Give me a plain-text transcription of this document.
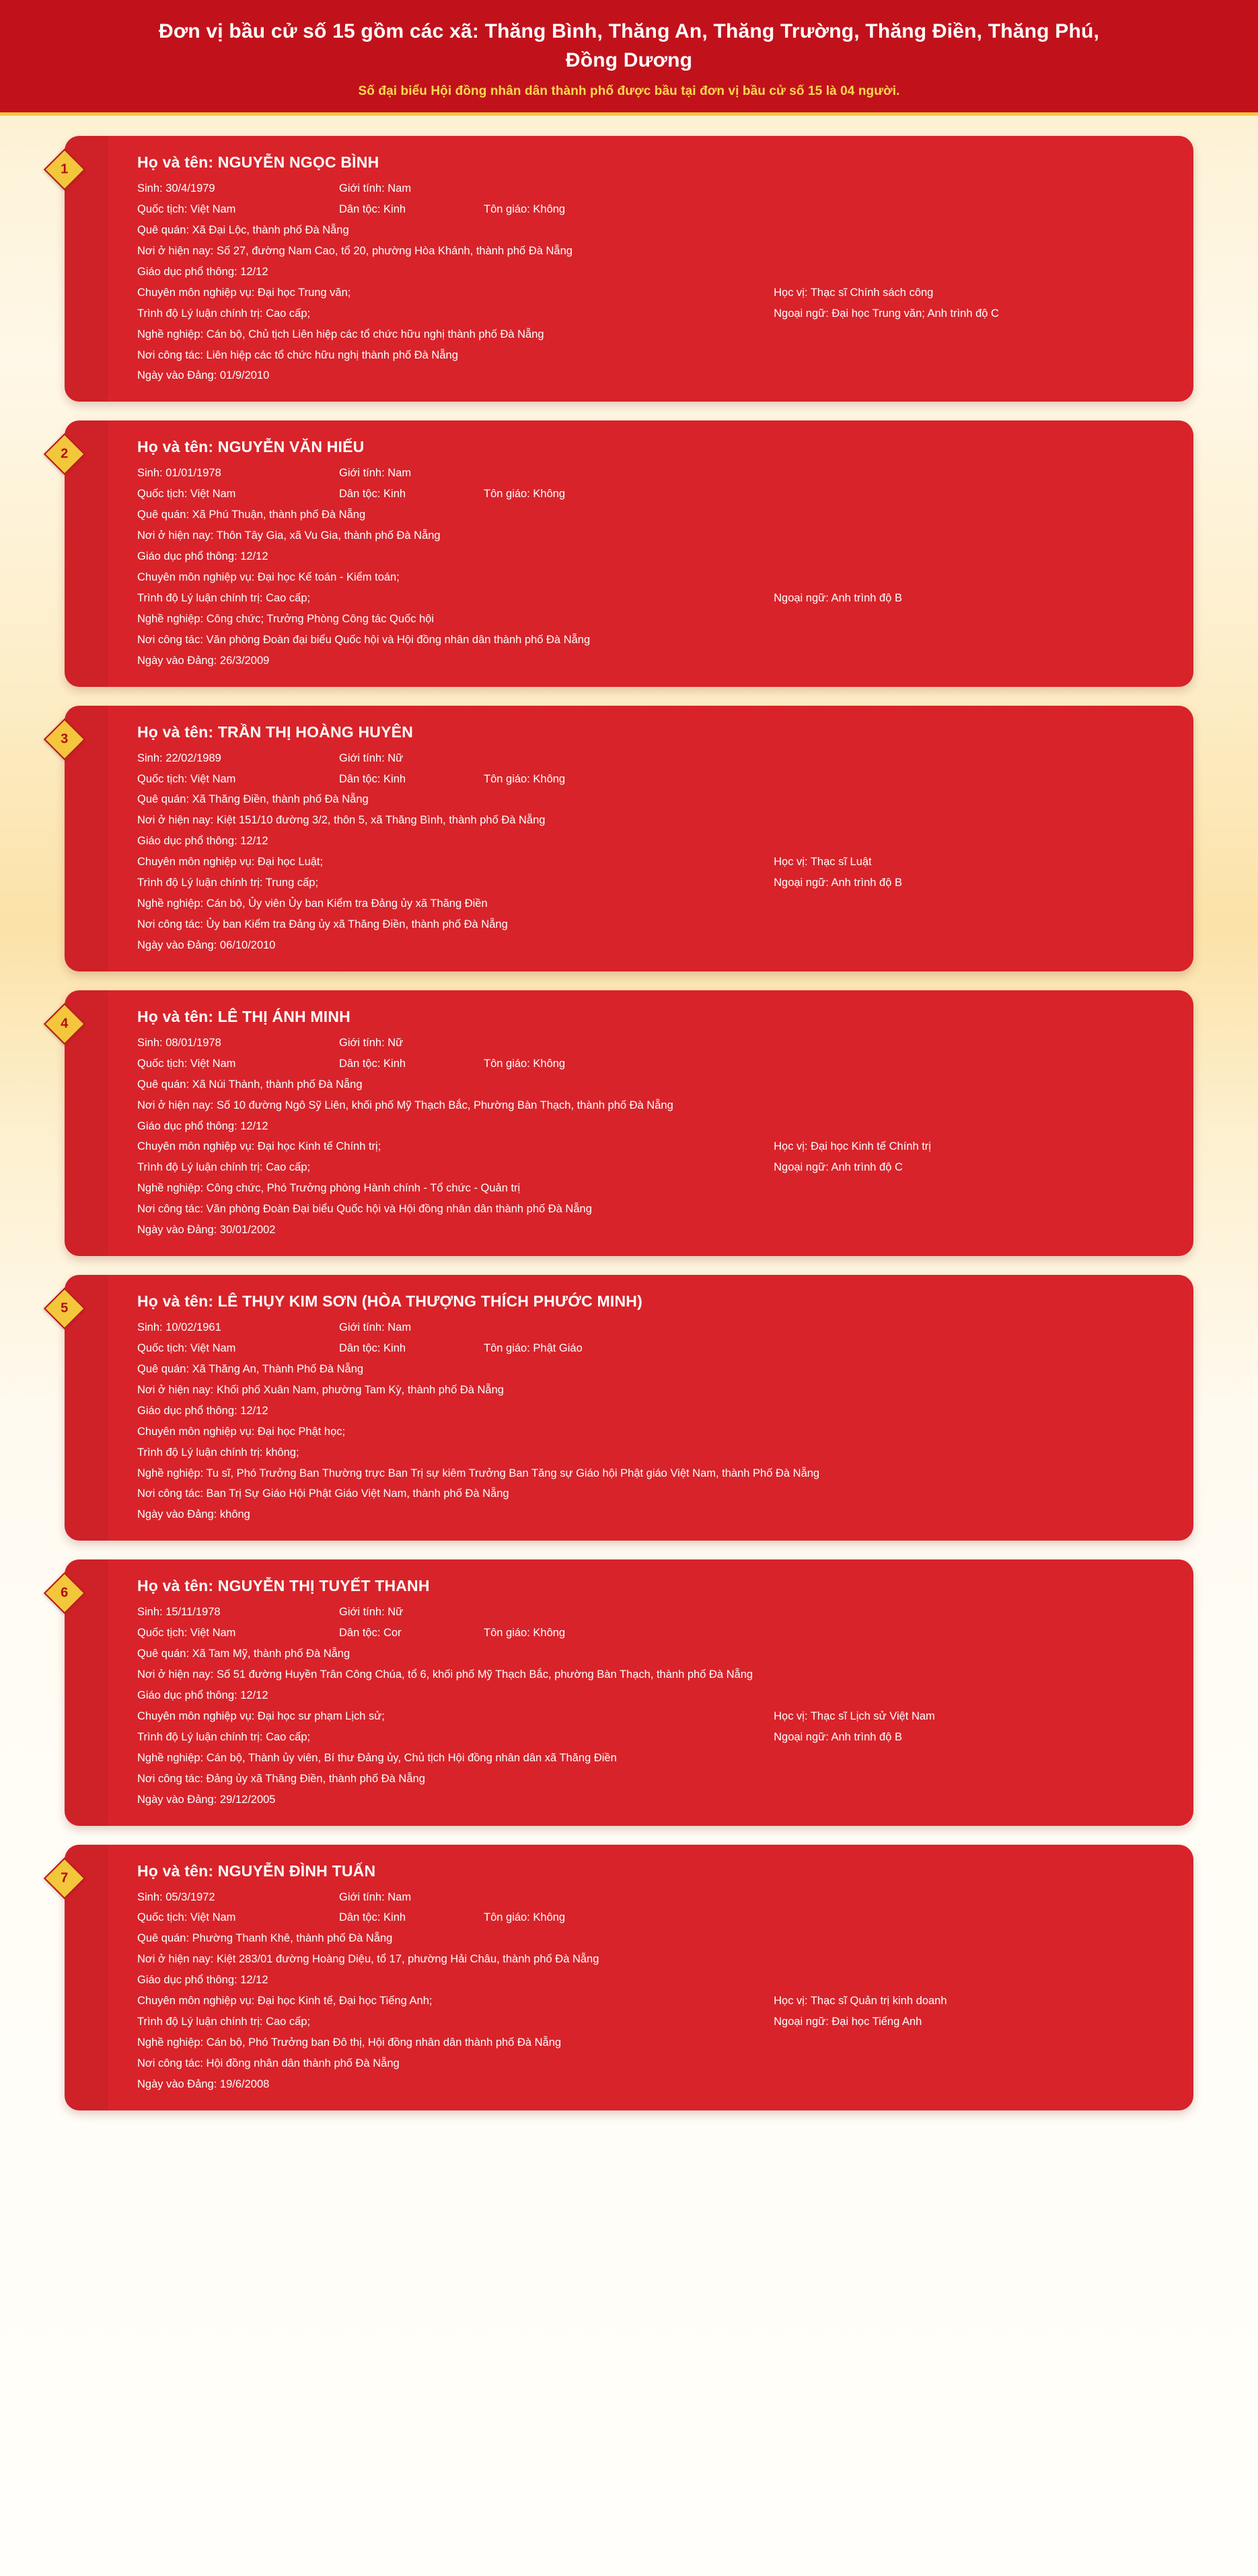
Đơn vị bầu cử số 15 gồm các xã: Thăng Bình, Thăng An, Thăng Trường, Thăng Điền, Thăng Phú, Đồng Dương
Số đại biểu Hội đồng nhân dân thành phố được bầu tại đơn vị bầu cử số 15 là 04 người.
1	Họ và tên: NGUYỄN NGỌC BÌNH
Sinh: 30/4/1979	Giới tính: Nam
Quốc tịch: Việt Nam	Dân tộc: Kinh	Tôn giáo: Không
Quê quán: Xã Đại Lộc, thành phố Đà Nẵng
Nơi ở hiện nay: Số 27, đường Nam Cao, tổ 20, phường Hòa Khánh, thành phố Đà Nẵng
Giáo dục phổ thông: 12/12
Chuyên môn nghiệp vụ: Đại học Trung văn;	Học vị: Thạc sĩ Chính sách công
Trình độ Lý luận chính trị: Cao cấp;	Ngoại ngữ: Đại học Trung văn; Anh trình độ C
Nghề nghiệp: Cán bộ, Chủ tịch Liên hiệp các tổ chức hữu nghị thành phố Đà Nẵng
Nơi công tác: Liên hiệp các tổ chức hữu nghị thành phố Đà Nẵng
Ngày vào Đảng: 01/9/2010
2	Họ và tên: NGUYỄN VĂN HIẾU
Sinh: 01/01/1978	Giới tính: Nam
Quốc tịch: Việt Nam	Dân tộc: Kinh	Tôn giáo: Không
Quê quán: Xã Phú Thuận, thành phố Đà Nẵng
Nơi ở hiện nay: Thôn Tây Gia, xã Vu Gia, thành phố Đà Nẵng
Giáo dục phổ thông: 12/12
Chuyên môn nghiệp vụ: Đại học Kế toán - Kiểm toán;
Trình độ Lý luận chính trị: Cao cấp;	Ngoại ngữ: Anh trình độ B
Nghề nghiệp: Công chức; Trưởng Phòng Công tác Quốc hội
Nơi công tác: Văn phòng Đoàn đại biểu Quốc hội và Hội đồng nhân dân thành phố Đà Nẵng
Ngày vào Đảng: 26/3/2009
3	Họ và tên: TRẦN THỊ HOÀNG HUYÊN
Sinh: 22/02/1989	Giới tính: Nữ
Quốc tịch: Việt Nam	Dân tộc: Kinh	Tôn giáo: Không
Quê quán: Xã Thăng Điền, thành phố Đà Nẵng
Nơi ở hiện nay: Kiệt 151/10 đường 3/2, thôn 5, xã Thăng Bình, thành phố Đà Nẵng
Giáo dục phổ thông: 12/12
Chuyên môn nghiệp vụ: Đại học Luật;	Học vị: Thạc sĩ Luật
Trình độ Lý luận chính trị: Trung cấp;	Ngoại ngữ: Anh trình độ B
Nghề nghiệp: Cán bộ, Ủy viên Ủy ban Kiểm tra Đảng ủy xã Thăng Điền
Nơi công tác: Ủy ban Kiểm tra Đảng ủy xã Thăng Điền, thành phố Đà Nẵng
Ngày vào Đảng: 06/10/2010
4	Họ và tên: LÊ THỊ ÁNH MINH
Sinh: 08/01/1978	Giới tính: Nữ
Quốc tịch: Việt Nam	Dân tộc: Kinh	Tôn giáo: Không
Quê quán: Xã Núi Thành, thành phố Đà Nẵng
Nơi ở hiện nay: Số 10 đường Ngô Sỹ Liên, khối phố Mỹ Thạch Bắc, Phường Bàn Thạch, thành phố Đà Nẵng
Giáo dục phổ thông: 12/12
Chuyên môn nghiệp vụ: Đại học Kinh tế Chính trị;	Học vị: Đại học Kinh tế Chính trị
Trình độ Lý luận chính trị: Cao cấp;	Ngoại ngữ: Anh trình độ C
Nghề nghiệp: Công chức, Phó Trưởng phòng Hành chính - Tổ chức - Quản trị
Nơi công tác: Văn phòng Đoàn Đại biểu Quốc hội và Hội đồng nhân dân thành phố Đà Nẵng
Ngày vào Đảng: 30/01/2002
5	Họ và tên: LÊ THỤY KIM SƠN (HÒA THƯỢNG THÍCH PHƯỚC MINH)
Sinh: 10/02/1961	Giới tính: Nam
Quốc tịch: Việt Nam	Dân tộc: Kinh	Tôn giáo: Phật Giáo
Quê quán: Xã Thăng An, Thành Phố Đà Nẵng
Nơi ở hiện nay: Khối phố Xuân Nam, phường Tam Kỳ, thành phố Đà Nẵng
Giáo dục phổ thông: 12/12
Chuyên môn nghiệp vụ: Đại học Phật học;
Trình độ Lý luận chính trị: không;
Nghề nghiệp: Tu sĩ, Phó Trưởng Ban Thường trực Ban Trị sự kiêm Trưởng Ban Tăng sự Giáo hội Phật giáo Việt Nam, thành Phố Đà Nẵng
Nơi công tác: Ban Trị Sự Giáo Hội Phật Giáo Việt Nam, thành phố Đà Nẵng
Ngày vào Đảng: không
6	Họ và tên: NGUYỄN THỊ TUYẾT THANH
Sinh: 15/11/1978	Giới tính: Nữ
Quốc tịch: Việt Nam	Dân tộc: Cor	Tôn giáo: Không
Quê quán: Xã Tam Mỹ, thành phố Đà Nẵng
Nơi ở hiện nay: Số 51 đường Huyền Trân Công Chúa, tổ 6, khối phố Mỹ Thạch Bắc, phường Bàn Thạch, thành phố Đà Nẵng
Giáo dục phổ thông: 12/12
Chuyên môn nghiệp vụ: Đại học sư phạm Lịch sử;	Học vị: Thạc sĩ Lịch sử Việt Nam
Trình độ Lý luận chính trị: Cao cấp;	Ngoại ngữ: Anh trình độ B
Nghề nghiệp: Cán bộ, Thành ủy viên, Bí thư Đảng ủy, Chủ tịch Hội đồng nhân dân xã Thăng Điền
Nơi công tác: Đảng ủy xã Thăng Điền, thành phố Đà Nẵng
Ngày vào Đảng: 29/12/2005
7	Họ và tên: NGUYỄN ĐÌNH TUẤN
Sinh: 05/3/1972	Giới tính: Nam
Quốc tịch: Việt Nam	Dân tộc: Kinh	Tôn giáo: Không
Quê quán: Phường Thanh Khê, thành phố Đà Nẵng
Nơi ở hiện nay: Kiệt 283/01 đường Hoàng Diệu, tổ 17, phường Hải Châu, thành phố Đà Nẵng
Giáo dục phổ thông: 12/12
Chuyên môn nghiệp vụ: Đại học Kinh tế, Đại học Tiếng Anh;	Học vị: Thạc sĩ Quản trị kinh doanh
Trình độ Lý luận chính trị: Cao cấp;	Ngoại ngữ: Đại học Tiếng Anh
Nghề nghiệp: Cán bộ, Phó Trưởng ban Đô thị, Hội đồng nhân dân thành phố Đà Nẵng
Nơi công tác: Hội đồng nhân dân thành phố Đà Nẵng
Ngày vào Đảng: 19/6/2008
